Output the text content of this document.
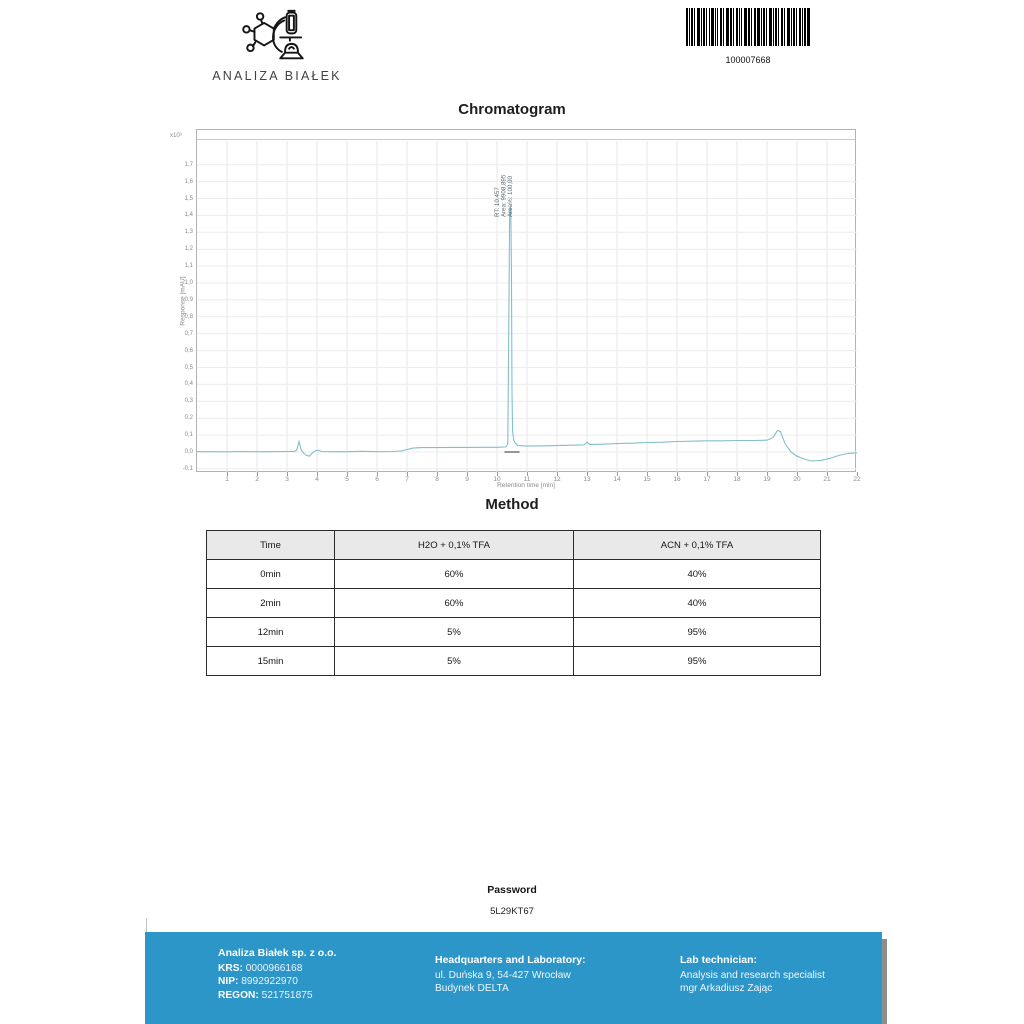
ANALIZA BIAŁEK
100007668
Chromatogram
RT: 10,457 Area: 9908,895 Area%: 100,00
x10³
Response [mAU]
Retention time [min]
1,7
1,6
1,5
1,4
1,3
1,2
1,1
1,0
0,9
0,8
0,7
0,6
0,5
0,4
0,3
0,2
0,1
0,0
-0,1
1	2	3	4	5	6	7	8	9	10	11	12	13	14	15	16	17	18	19	20	21	22
Method
Time	H2O + 0,1% TFA	ACN + 0,1% TFA
0min	60%	40%
2min	60%	40%
12min	5%	95%
15min	5%	95%
Password
5L29KT67
Analiza Białek sp. z o.o.
KRS: 0000966168
NIP: 8992922970
REGON: 521751875
Headquarters and Laboratory:
ul. Duńska 9, 54-427 Wrocław
Budynek DELTA
Lab technician:
Analysis and research specialist
mgr Arkadiusz Zając
